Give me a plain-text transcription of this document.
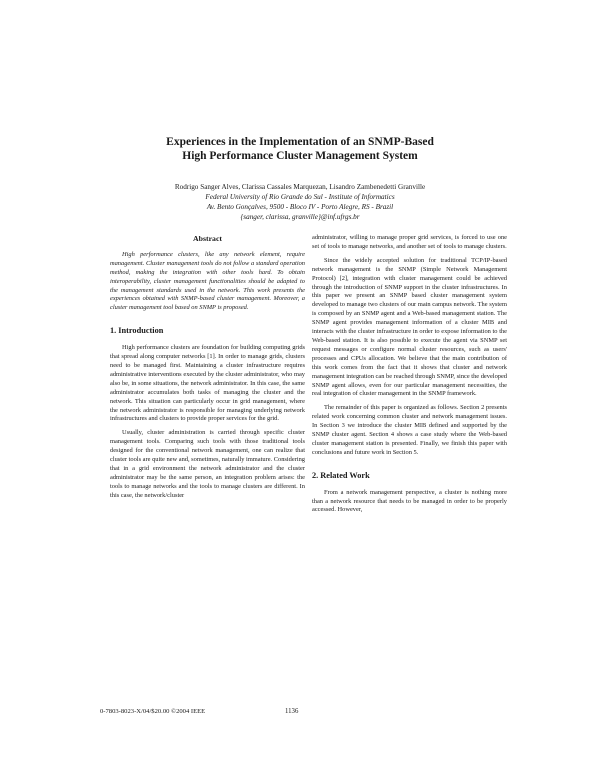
Experiences in the Implementation of an SNMP-Based
High Performance Cluster Management System
Rodrigo Sanger Alves, Clarissa Cassales Marquezan, Lisandro Zambenedetti Granville
Federal University of Rio Grande do Sul - Institute of Informatics
Av. Bento Gonçalves, 9500 - Bloco IV - Porto Alegre, RS - Brazil
{sanger, clarissa, granville}@inf.ufrgs.br
Abstract

High performance clusters, like any network element, require management. Cluster management tools do not follow a standard operation method, making the integration with other tools hard. To obtain interoperability, cluster management functionalities should be adapted to the management standards used in the network. This work presents the experiences obtained with SNMP-based cluster management. Moreover, a cluster management tool based on SNMP is proposed.

1. Introduction

High performance clusters are foundation for building computing grids that spread along computer networks [1]. In order to manage grids, clusters need to be managed first. Maintaining a cluster infrastructure requires administrative interventions executed by the cluster administrator, who may also be, in some situations, the network administrator. In this case, the same administrator accumulates both tasks of managing the cluster and the network. This situation can particularly occur in grid management, where the network administrator is responsible for managing underlying network infrastructures and clusters to provide proper services for the grid.

Usually, cluster administration is carried through specific cluster management tools. Comparing such tools with those traditional tools designed for the conventional network management, one can realize that cluster tools are quite new and, sometimes, naturally immature. Considering that in a grid environment the network administrator and the cluster administrator may be the same person, an integration problem arises: the tools to manage networks and the tools to manage clusters are different. In this case, the network/cluster

administrator, willing to manage proper grid services, is forced to use one set of tools to manage networks, and another set of tools to manage clusters.

Since the widely accepted solution for traditional TCP/IP-based network management is the SNMP (Simple Network Management Protocol) [2], integration with cluster management could be achieved through the introduction of SNMP support in the cluster infrastructures. In this paper we present an SNMP based cluster management system developed to manage two clusters of our main campus network. The system is composed by an SNMP agent and a Web-based management station. The SNMP agent provides management information of a cluster MIB and interacts with the cluster infrastructure in order to expose information to the Web-based station. It is also possible to execute the agent via SNMP set request messages or configure normal cluster resources, such as users' processes and CPUs allocation. We believe that the main contribution of this work comes from the fact that it shows that cluster and network management integration can be reached through SNMP, since the developed SNMP agent allows, even for our particular management necessities, the real integration of cluster management in the SNMP framework.

The remainder of this paper is organized as follows. Section 2 presents related work concerning common cluster and network management issues. In Section 3 we introduce the cluster MIB defined and supported by the SNMP cluster agent. Section 4 shows a case study where the Web-based cluster management station is presented. Finally, we finish this paper with conclusions and future work in Section 5.

2. Related Work

From a network management perspective, a cluster is nothing more than a network resource that needs to be managed in order to be properly accessed. However,

0-7803-8023-X/04/$20.00 ©2004 IEEE	1136
